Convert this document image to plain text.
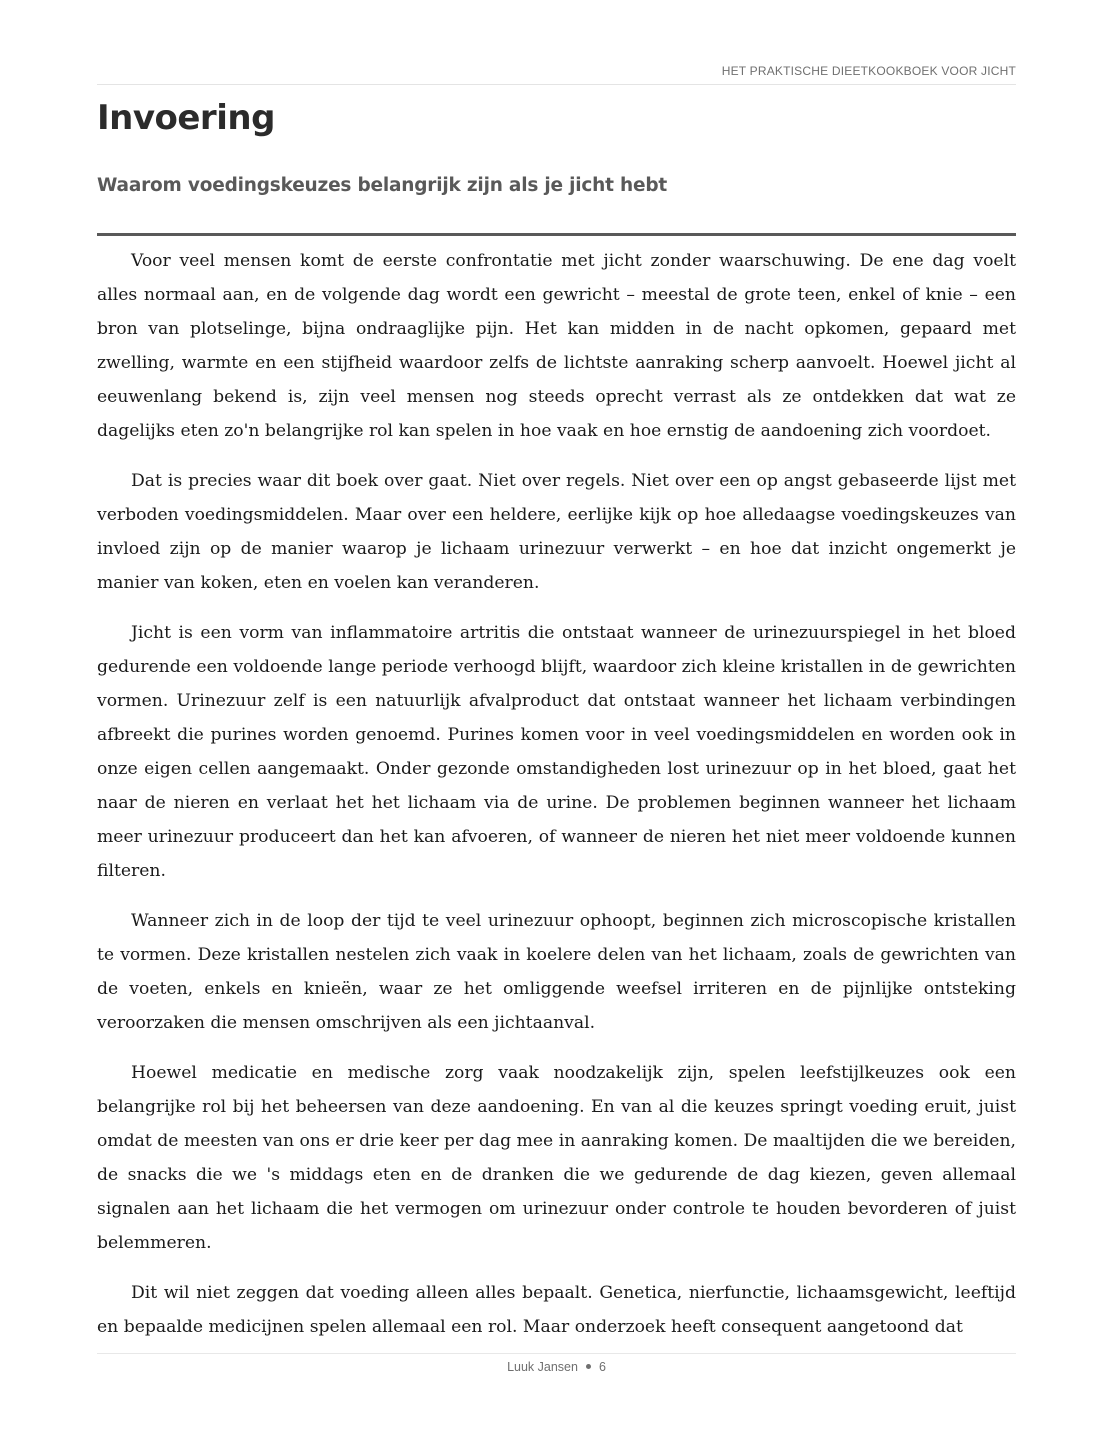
HET PRAKTISCHE DIEETKOOKBOEK VOOR JICHT
Invoering
Waarom voedingskeuzes belangrijk zijn als je jicht hebt

Voor veel mensen komt de eerste confrontatie met jicht zonder waarschuwing. De ene dag voelt alles normaal aan, en de volgende dag wordt een gewricht – meestal de grote teen, enkel of knie – een bron van plotselinge, bijna ondraaglijke pijn. Het kan midden in de nacht opkomen, gepaard met zwelling, warmte en een stijfheid waardoor zelfs de lichtste aanraking scherp aanvoelt. Hoewel jicht al eeuwenlang bekend is, zijn veel mensen nog steeds oprecht verrast als ze ontdekken dat wat ze dagelijks eten zo'n belangrijke rol kan spelen in hoe vaak en hoe ernstig de aandoening zich voordoet.

Dat is precies waar dit boek over gaat. Niet over regels. Niet over een op angst gebaseerde lijst met verboden voedingsmiddelen. Maar over een heldere, eerlijke kijk op hoe alledaagse voedingskeuzes van invloed zijn op de manier waarop je lichaam urinezuur verwerkt – en hoe dat inzicht ongemerkt je manier van koken, eten en voelen kan veranderen.

Jicht is een vorm van inflammatoire artritis die ontstaat wanneer de urinezuurspiegel in het bloed gedurende een voldoende lange periode verhoogd blijft, waardoor zich kleine kristallen in de gewrichten vormen. Urinezuur zelf is een natuurlijk afvalproduct dat ontstaat wanneer het lichaam verbindingen afbreekt die purines worden genoemd. Purines komen voor in veel voedingsmiddelen en worden ook in onze eigen cellen aangemaakt. Onder gezonde omstandigheden lost urinezuur op in het bloed, gaat het naar de nieren en verlaat het het lichaam via de urine. De problemen beginnen wanneer het lichaam meer urinezuur produceert dan het kan afvoeren, of wanneer de nieren het niet meer voldoende kunnen filteren.

Wanneer zich in de loop der tijd te veel urinezuur ophoopt, beginnen zich microscopische kristallen te vormen. Deze kristallen nestelen zich vaak in koelere delen van het lichaam, zoals de gewrichten van de voeten, enkels en knieën, waar ze het omliggende weefsel irriteren en de pijnlijke ontsteking veroorzaken die mensen omschrijven als een jichtaanval.

Hoewel medicatie en medische zorg vaak noodzakelijk zijn, spelen leefstijlkeuzes ook een belangrijke rol bij het beheersen van deze aandoening. En van al die keuzes springt voeding eruit, juist omdat de meesten van ons er drie keer per dag mee in aanraking komen. De maaltijden die we bereiden, de snacks die we 's middags eten en de dranken die we gedurende de dag kiezen, geven allemaal signalen aan het lichaam die het vermogen om urinezuur onder controle te houden bevorderen of juist belemmeren.

Dit wil niet zeggen dat voeding alleen alles bepaalt. Genetica, nierfunctie, lichaamsgewicht, leeftijd en bepaalde medicijnen spelen allemaal een rol. Maar onderzoek heeft consequent aangetoond dat

Luuk Jansen 6
